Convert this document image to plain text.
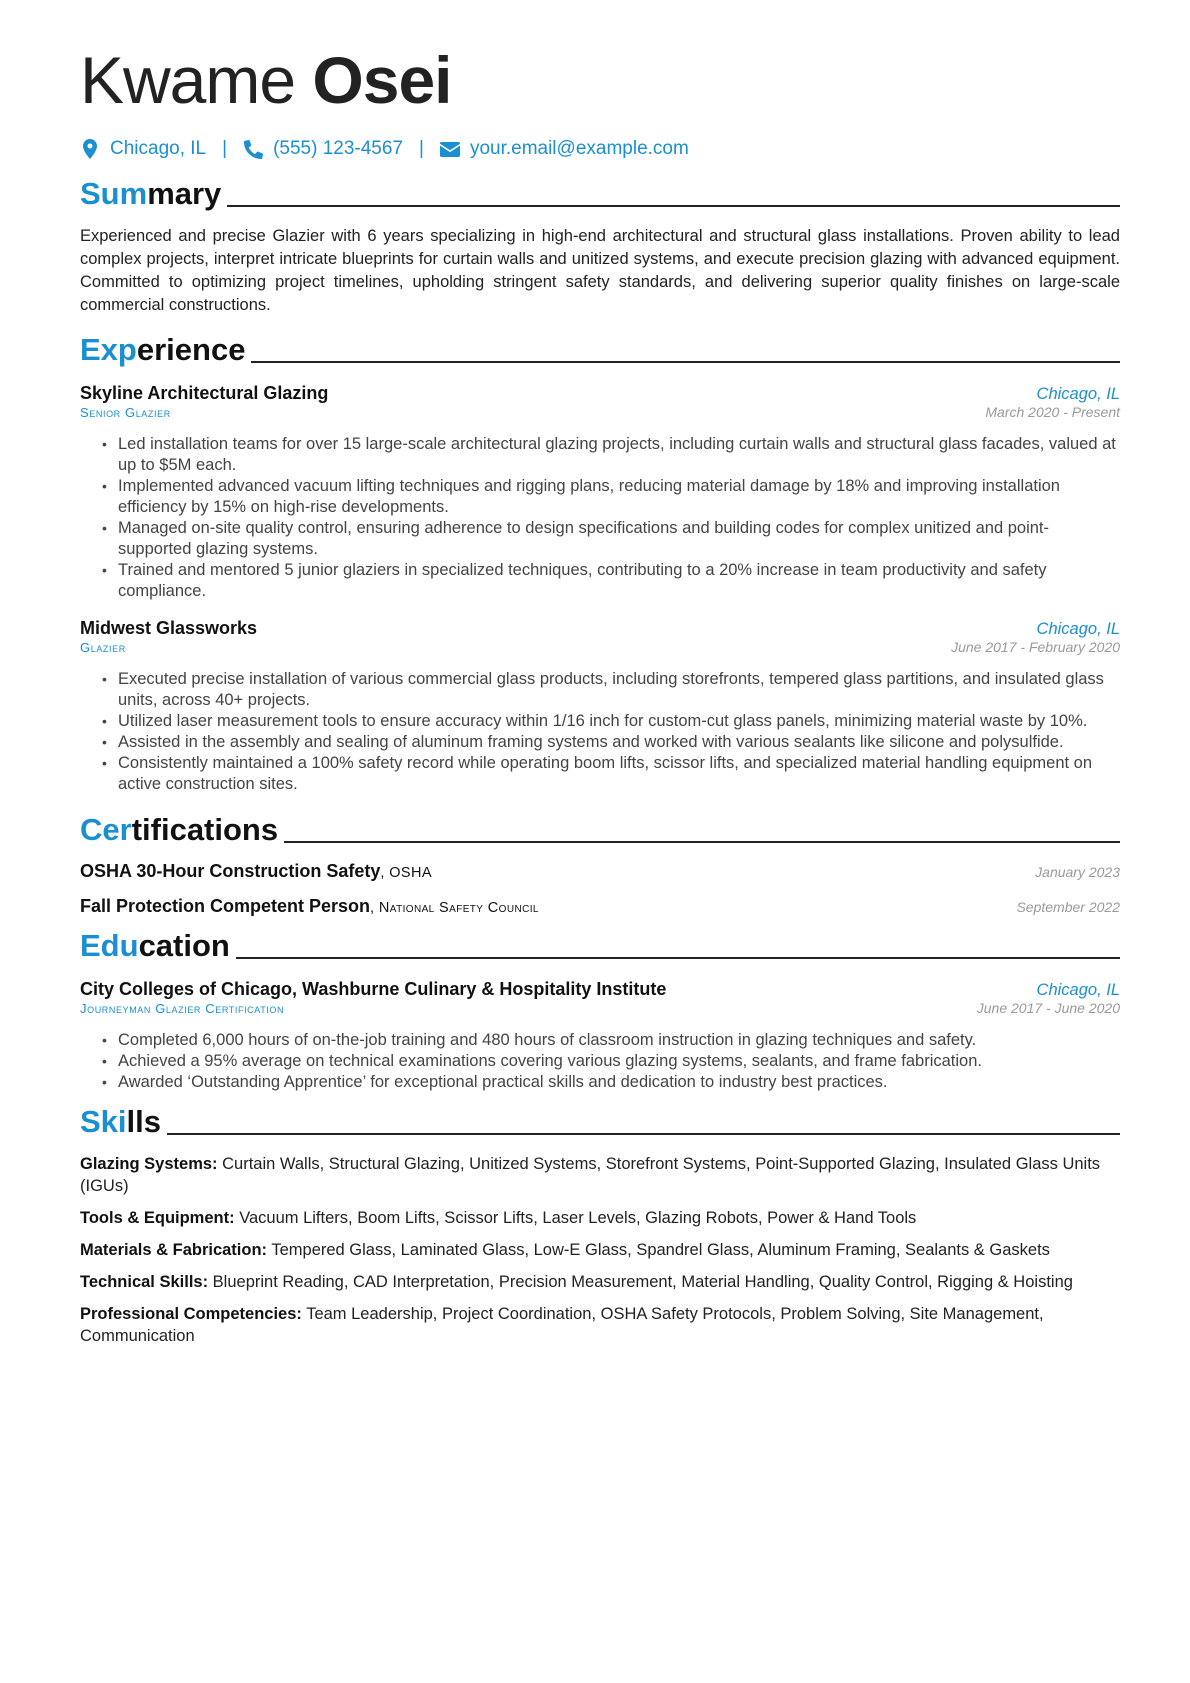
Kwame Osei
Chicago, IL | (555) 123-4567 | your.email@example.com
Summary
Experienced and precise Glazier with 6 years specializing in high-end architectural and structural glass installations. Proven ability to lead complex projects, interpret intricate blueprints for curtain walls and unitized systems, and execute precision glazing with advanced equipment. Committed to optimizing project timelines, upholding stringent safety standards, and delivering superior quality finishes on large-scale commercial constructions.
Experience
Skyline Architectural Glazing	Chicago, IL
Senior Glazier	March 2020 - Present
• Led installation teams for over 15 large-scale architectural glazing projects, including curtain walls and structural glass facades, valued at up to $5M each.
• Implemented advanced vacuum lifting techniques and rigging plans, reducing material damage by 18% and improving installation efficiency by 15% on high-rise developments.
• Managed on-site quality control, ensuring adherence to design specifications and building codes for complex unitized and point-supported glazing systems.
• Trained and mentored 5 junior glaziers in specialized techniques, contributing to a 20% increase in team productivity and safety compliance.
Midwest Glassworks	Chicago, IL
Glazier	June 2017 - February 2020
• Executed precise installation of various commercial glass products, including storefronts, tempered glass partitions, and insulated glass units, across 40+ projects.
• Utilized laser measurement tools to ensure accuracy within 1/16 inch for custom-cut glass panels, minimizing material waste by 10%.
• Assisted in the assembly and sealing of aluminum framing systems and worked with various sealants like silicone and polysulfide.
• Consistently maintained a 100% safety record while operating boom lifts, scissor lifts, and specialized material handling equipment on active construction sites.
Certifications
OSHA 30-Hour Construction Safety, OSHA	January 2023
Fall Protection Competent Person, National Safety Council	September 2022
Education
City Colleges of Chicago, Washburne Culinary & Hospitality Institute	Chicago, IL
Journeyman Glazier Certification	June 2017 - June 2020
• Completed 6,000 hours of on-the-job training and 480 hours of classroom instruction in glazing techniques and safety.
• Achieved a 95% average on technical examinations covering various glazing systems, sealants, and frame fabrication.
• Awarded ‘Outstanding Apprentice’ for exceptional practical skills and dedication to industry best practices.
Skills
Glazing Systems: Curtain Walls, Structural Glazing, Unitized Systems, Storefront Systems, Point-Supported Glazing, Insulated Glass Units (IGUs)
Tools & Equipment: Vacuum Lifters, Boom Lifts, Scissor Lifts, Laser Levels, Glazing Robots, Power & Hand Tools
Materials & Fabrication: Tempered Glass, Laminated Glass, Low-E Glass, Spandrel Glass, Aluminum Framing, Sealants & Gaskets
Technical Skills: Blueprint Reading, CAD Interpretation, Precision Measurement, Material Handling, Quality Control, Rigging & Hoisting
Professional Competencies: Team Leadership, Project Coordination, OSHA Safety Protocols, Problem Solving, Site Management, Communication
